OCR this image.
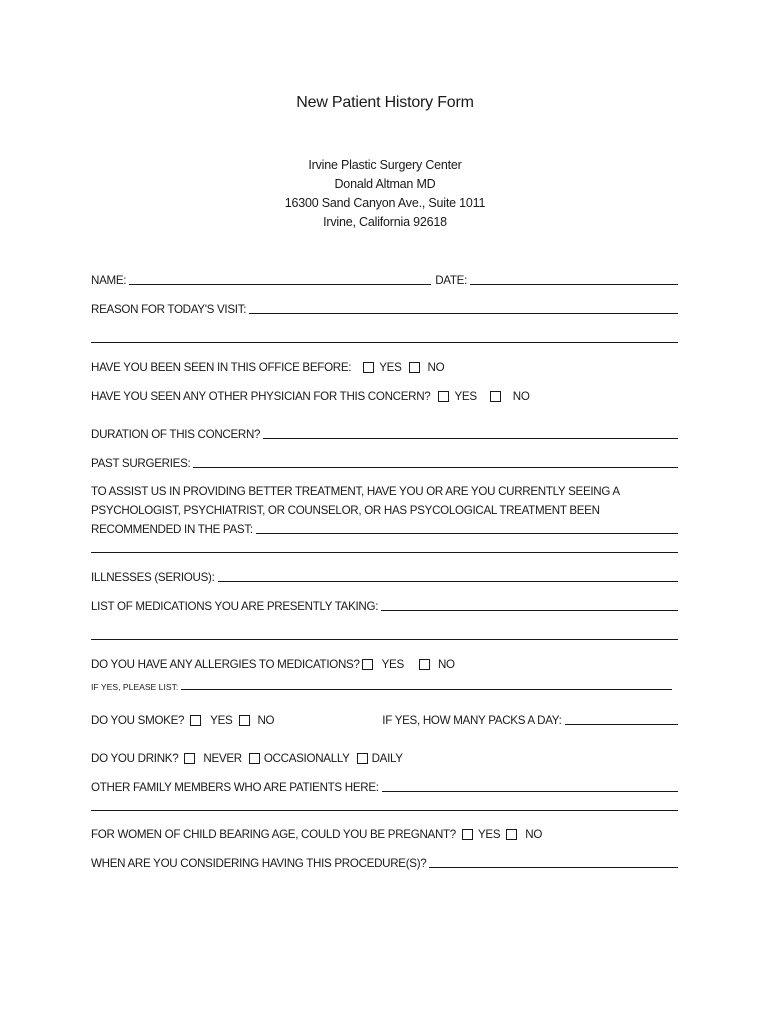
New Patient History Form
Irvine Plastic Surgery Center
Donald Altman MD
16300 Sand Canyon Ave., Suite 1011
Irvine, California 92618
NAME:	DATE:
REASON FOR TODAY'S VISIT:
HAVE YOU BEEN SEEN IN THIS OFFICE BEFORE: YES NO
HAVE YOU SEEN ANY OTHER PHYSICIAN FOR THIS CONCERN? YES	NO
DURATION OF THIS CONCERN?
PAST SURGERIES:
TO ASSIST US IN PROVIDING BETTER TREATMENT, HAVE YOU OR ARE YOU CURRENTLY SEEING A
PSYCHOLOGIST, PSYCHIATRIST, OR COUNSELOR, OR HAS PSYCOLOGICAL TREATMENT BEEN
RECOMMENDED IN THE PAST:
ILLNESSES (SERIOUS):
LIST OF MEDICATIONS YOU ARE PRESENTLY TAKING:
DO YOU HAVE ANY ALLERGIES TO MEDICATIONS? YES	NO
IF YES, PLEASE LIST:
DO YOU SMOKE? YES NO	IF YES, HOW MANY PACKS A DAY:
DO YOU DRINK? NEVER OCCASIONALLY DAILY
OTHER FAMILY MEMBERS WHO ARE PATIENTS HERE:
FOR WOMEN OF CHILD BEARING AGE, COULD YOU BE PREGNANT? YES NO
WHEN ARE YOU CONSIDERING HAVING THIS PROCEDURE(S)?
